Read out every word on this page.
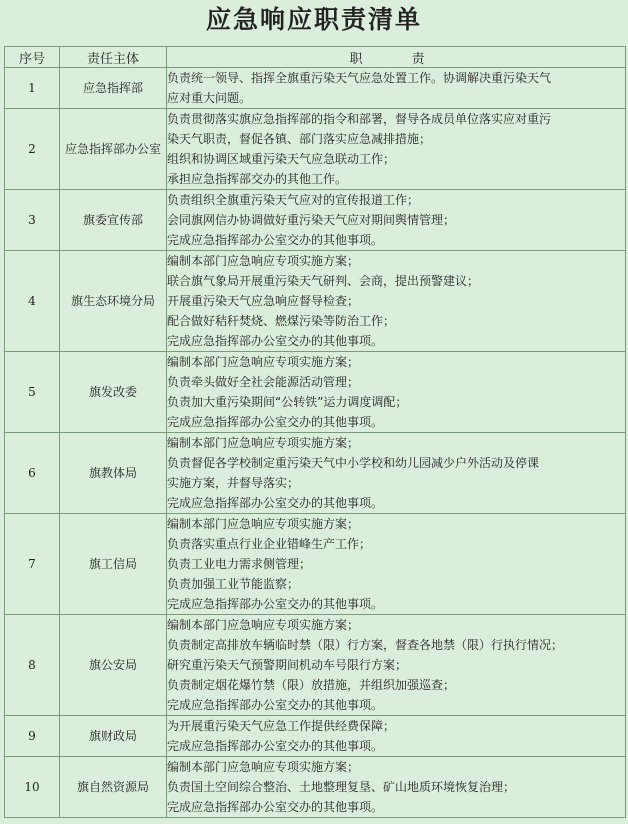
应急响应职责清单
序号	责任主体	职　责
1	应急指挥部	负责统一领导、指挥全旗重污染天气应急处置工作。协调解决重污染天气
应对重大问题。

2	应急指挥部办公室	负责贯彻落实旗应急指挥部的指令和部署，督导各成员单位落实应对重污
染天气职责，督促各镇、部门落实应急减排措施；
组织和协调区域重污染天气应急联动工作；
承担应急指挥部交办的其他工作。

3	旗委宣传部	负责组织全旗重污染天气应对的宣传报道工作；
会同旗网信办协调做好重污染天气应对期间舆情管理；
完成应急指挥部办公室交办的其他事项。

4	旗生态环境分局	编制本部门应急响应专项实施方案；
联合旗气象局开展重污染天气研判、会商，提出预警建议；
开展重污染天气应急响应督导检查；
配合做好秸秆焚烧、燃煤污染等防治工作；
完成应急指挥部办公室交办的其他事项。

5	旗发改委	编制本部门应急响应专项实施方案；
负责牵头做好全社会能源活动管理；
负责加大重污染期间“公转铁”运力调度调配；
完成应急指挥部办公室交办的其他事项。

6	旗教体局	编制本部门应急响应专项实施方案；
负责督促各学校制定重污染天气中小学校和幼儿园减少户外活动及停课
实施方案，并督导落实；
完成应急指挥部办公室交办的其他事项。

7	旗工信局	编制本部门应急响应专项实施方案；
负责落实重点行业企业错峰生产工作；
负责工业电力需求侧管理；
负责加强工业节能监察；
完成应急指挥部办公室交办的其他事项。

8	旗公安局	编制本部门应急响应专项实施方案；
负责制定高排放车辆临时禁（限）行方案，督查各地禁（限）行执行情况；
研究重污染天气预警期间机动车号限行方案；
负责制定烟花爆竹禁（限）放措施，并组织加强巡查；
完成应急指挥部办公室交办的其他事项。

9	旗财政局	为开展重污染天气应急工作提供经费保障；
完成应急指挥部办公室交办的其他事项。

10	旗自然资源局	编制本部门应急响应专项实施方案；
负责国土空间综合整治、土地整理复垦、矿山地质环境恢复治理；
完成应急指挥部办公室交办的其他事项。
